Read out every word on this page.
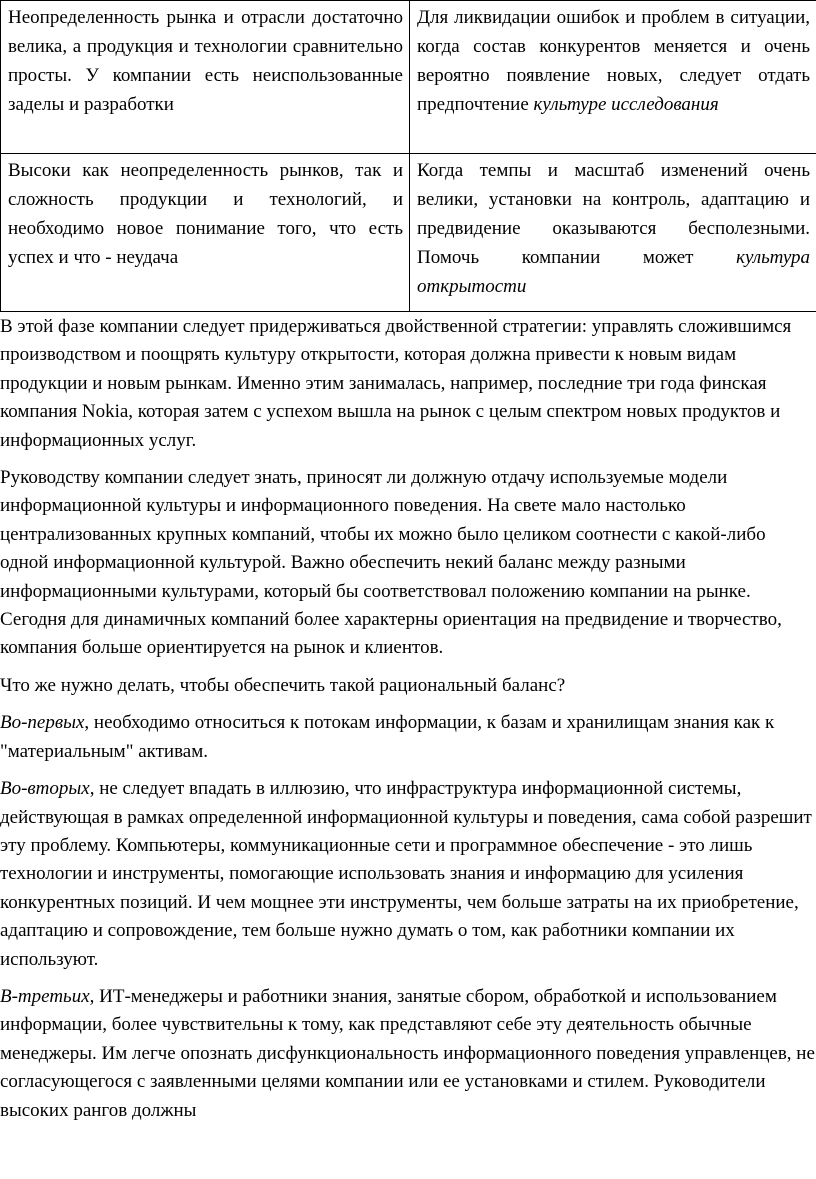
Неопределенность рынка и отрасли достаточно велика, а продукция и технологии сравнительно просты. У компании есть неиспользованные заделы и разработки	Для ликвидации ошибок и проблем в ситуации, когда состав конкурентов меняется и очень вероятно появление новых, следует отдать предпочтение культуре исследования
Высоки как неопределенность рынков, так и сложность продукции и технологий, и необходимо новое понимание того, что есть успех и что - неудача	Когда темпы и масштаб изменений очень велики, установки на контроль, адаптацию и предвидение оказываются бесполезными. Помочь компании может культура открытости

В этой фазе компании следует придерживаться двойственной стратегии: управлять сложившимся производством и поощрять культуру открытости, которая должна привести к новым видам продукции и новым рынкам. Именно этим занималась, например, последние три года финская компания Nokia, которая затем с успехом вышла на рынок с целым спектром новых продуктов и информационных услуг.

Руководству компании следует знать, приносят ли должную отдачу используемые модели информационной культуры и информационного поведения. На свете мало настолько централизованных крупных компаний, чтобы их можно было целиком соотнести с какой-либо одной информационной культурой. Важно обеспечить некий баланс между разными информационными культурами, который бы соответствовал положению компании на рынке. Сегодня для динамичных компаний более характерны ориентация на предвидение и творчество, компания больше ориентируется на рынок и клиентов.

Что же нужно делать, чтобы обеспечить такой рациональный баланс?

Во-первых, необходимо относиться к потокам информации, к базам и хранилищам знания как к "материальным" активам.

Во-вторых, не следует впадать в иллюзию, что инфраструктура информационной системы, действующая в рамках определенной информационной культуры и поведения, сама собой разрешит эту проблему. Компьютеры, коммуникационные сети и программное обеспечение - это лишь технологии и инструменты, помогающие использовать знания и информацию для усиления конкурентных позиций. И чем мощнее эти инструменты, чем больше затраты на их приобретение, адаптацию и сопровождение, тем больше нужно думать о том, как работники компании их используют.

В-третьих, ИТ-менеджеры и работники знания, занятые сбором, обработкой и использованием информации, более чувствительны к тому, как представляют себе эту деятельность обычные менеджеры. Им легче опознать дисфункциональность информационного поведения управленцев, не согласующегося с заявленными целями компании или ее установками и стилем. Руководители высоких рангов должны
